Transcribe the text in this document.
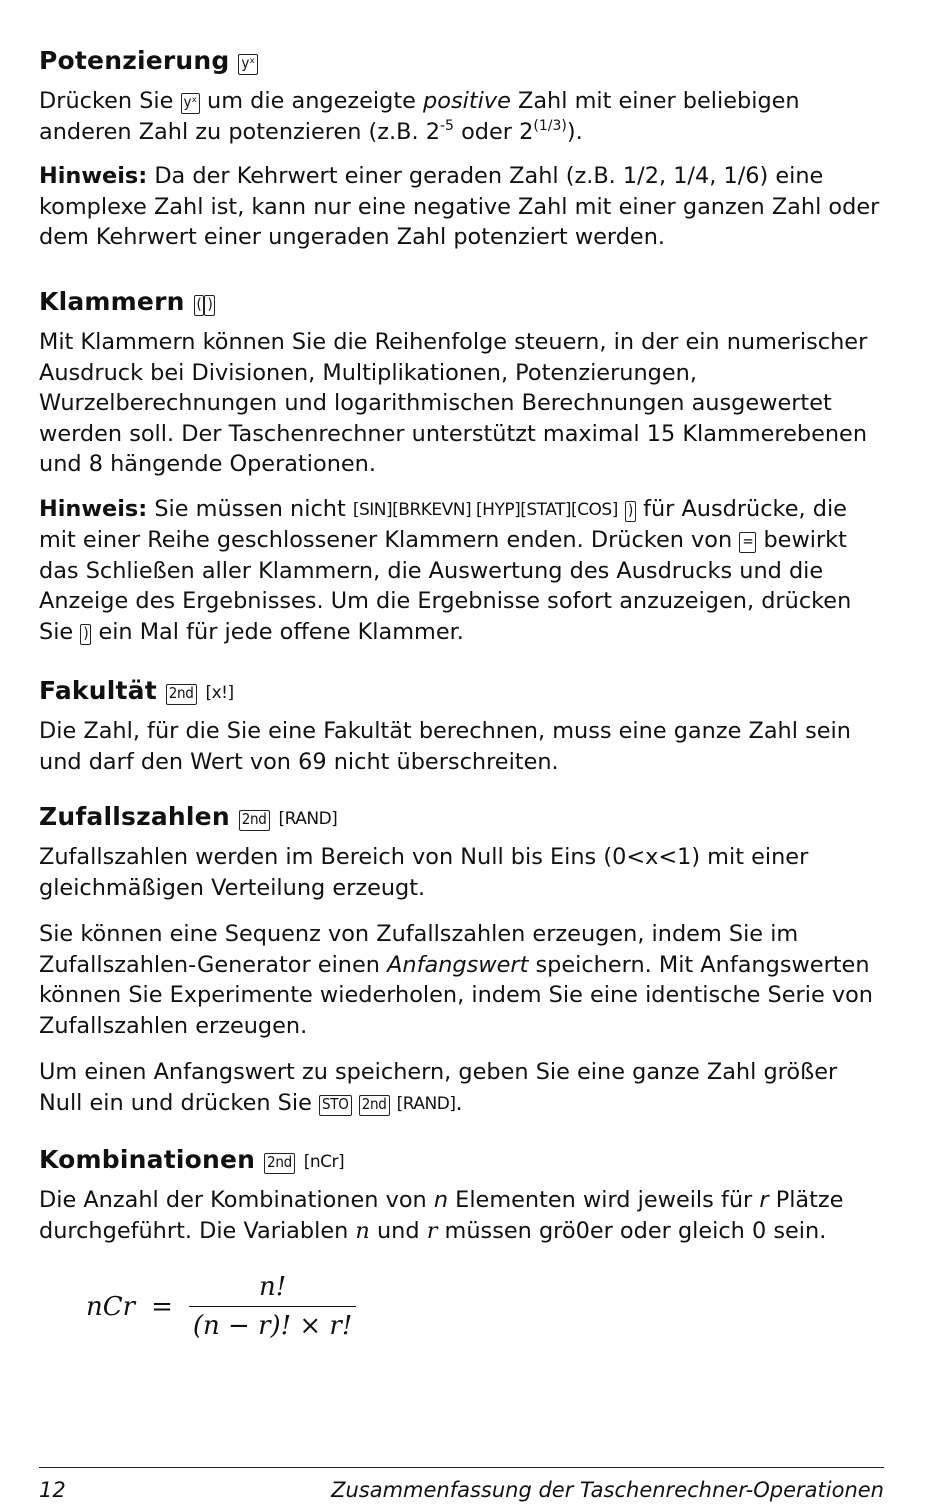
Potenzierung yˣ

Drücken Sie yˣ um die angezeigte positive Zahl mit einer beliebigen anderen Zahl zu potenzieren (z.B. $2^{-5}$ oder $2^{(1/3)}$).

Hinweis: Da der Kehrwert einer geraden Zahl (z.B. 1/2, 1/4, 1/6) eine komplexe Zahl ist, kann nur eine negative Zahl mit einer ganzen Zahl oder dem Kehrwert einer ungeraden Zahl potenziert werden.

Klammern ( )

Mit Klammern können Sie die Reihenfolge steuern, in der ein numerischer Ausdruck bei Divisionen, Multiplikationen, Potenzierungen, Wurzelberechnungen und logarithmischen Berechnungen ausgewertet werden soll. Der Taschenrechner unterstützt maximal 15 Klammerebenen und 8 hängende Operationen.

Hinweis: Sie müssen nicht [SIN][BRKEVN] [HYP][STAT][COS] ) für Ausdrücke, die mit einer Reihe geschlossener Klammern enden. Drücken von = bewirkt das Schließen aller Klammern, die Auswertung des Ausdrucks und die Anzeige des Ergebnisses. Um die Ergebnisse sofort anzuzeigen, drücken Sie ) ein Mal für jede offene Klammer.

Fakultät 2nd [x!]

Die Zahl, für die Sie eine Fakultät berechnen, muss eine ganze Zahl sein und darf den Wert von 69 nicht überschreiten.

Zufallszahlen 2nd [RAND]

Zufallszahlen werden im Bereich von Null bis Eins (0<x<1) mit einer gleichmäßigen Verteilung erzeugt.

Sie können eine Sequenz von Zufallszahlen erzeugen, indem Sie im Zufallszahlen-Generator einen Anfangswert speichern. Mit Anfangswerten können Sie Experimente wiederholen, indem Sie eine identische Serie von Zufallszahlen erzeugen.

Um einen Anfangswert zu speichern, geben Sie eine ganze Zahl größer Null ein und drücken Sie STO 2nd [RAND].

Kombinationen 2nd [nCr]

Die Anzahl der Kombinationen von n Elementen wird jeweils für r Plätze durchgeführt. Die Variablen n und r müssen grö0er oder gleich 0 sein.

nCr = $\frac{n!}{(n - r)! \times r!}$
12	Zusammenfassung der Taschenrechner-Operationen
